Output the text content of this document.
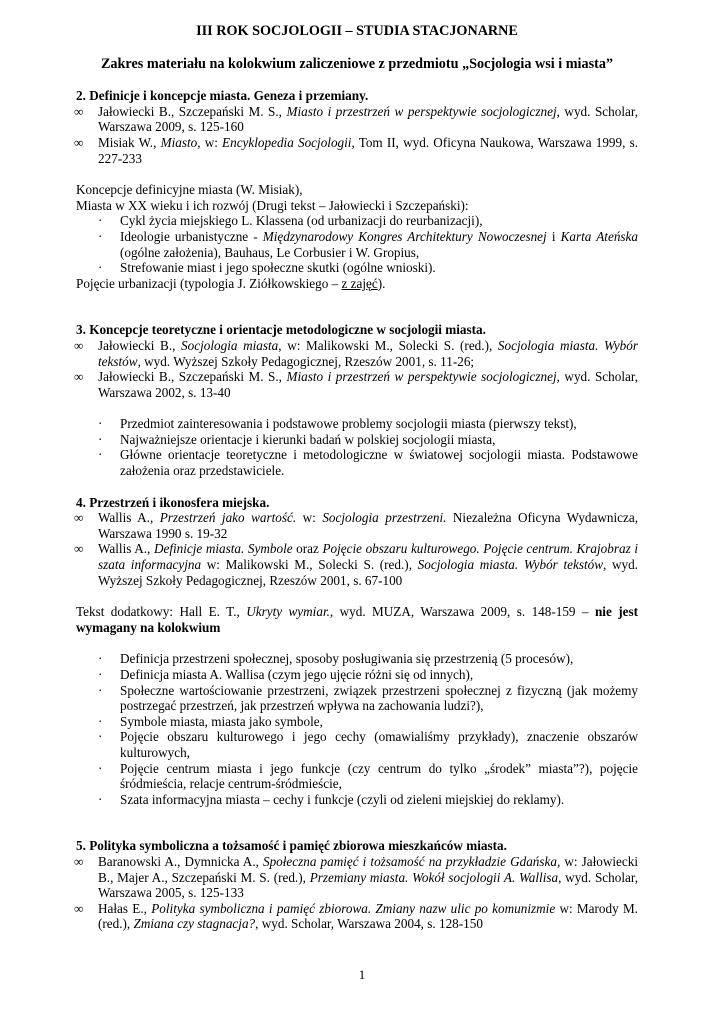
III ROK SOCJOLOGII – STUDIA STACJONARNE
Zakres materiału na kolokwium zaliczeniowe z przedmiotu „Socjologia wsi i miasta”
2. Definicje i koncepcje miasta. Geneza i przemiany.
∞ Jałowiecki B., Szczepański M. S., Miasto i przestrzeń w perspektywie socjologicznej, wyd. Scholar, Warszawa 2009, s. 125-160
∞ Misiak W., Miasto, w: Encyklopedia Socjologii, Tom II, wyd. Oficyna Naukowa, Warszawa 1999, s. 227-233
Koncepcje definicyjne miasta (W. Misiak),
Miasta w XX wieku i ich rozwój (Drugi tekst – Jałowiecki i Szczepański):
· Cykl życia miejskiego L. Klassena (od urbanizacji do reurbanizacji),
· Ideologie urbanistyczne - Międzynarodowy Kongres Architektury Nowoczesnej i Karta Ateńska (ogólne założenia), Bauhaus, Le Corbusier i W. Gropius,
· Strefowanie miast i jego społeczne skutki (ogólne wnioski).
Pojęcie urbanizacji (typologia J. Ziółkowskiego – z zajęć).
3. Koncepcje teoretyczne i orientacje metodologiczne w socjologii miasta.
∞ Jałowiecki B., Socjologia miasta, w: Malikowski M., Solecki S. (red.), Socjologia miasta. Wybór tekstów, wyd. Wyższej Szkoły Pedagogicznej, Rzeszów 2001, s. 11-26;
∞ Jałowiecki B., Szczepański M. S., Miasto i przestrzeń w perspektywie socjologicznej, wyd. Scholar, Warszawa 2002, s. 13-40
· Przedmiot zainteresowania i podstawowe problemy socjologii miasta (pierwszy tekst),
· Najważniejsze orientacje i kierunki badań w polskiej socjologii miasta,
· Główne orientacje teoretyczne i metodologiczne w światowej socjologii miasta. Podstawowe założenia oraz przedstawiciele.
4. Przestrzeń i ikonosfera miejska.
∞ Wallis A., Przestrzeń jako wartość. w: Socjologia przestrzeni. Niezależna Oficyna Wydawnicza, Warszawa 1990 s. 19-32
∞ Wallis A., Definicje miasta. Symbole oraz Pojęcie obszaru kulturowego. Pojęcie centrum. Krajobraz i szata informacyjna w: Malikowski M., Solecki S. (red.), Socjologia miasta. Wybór tekstów, wyd. Wyższej Szkoły Pedagogicznej, Rzeszów 2001, s. 67-100
Tekst dodatkowy: Hall E. T., Ukryty wymiar., wyd. MUZA, Warszawa 2009, s. 148-159 – nie jest wymagany na kolokwium
· Definicja przestrzeni społecznej, sposoby posługiwania się przestrzenią (5 procesów),
· Definicja miasta A. Wallisa (czym jego ujęcie różni się od innych),
· Społeczne wartościowanie przestrzeni, związek przestrzeni społecznej z fizyczną (jak możemy postrzegać przestrzeń, jak przestrzeń wpływa na zachowania ludzi?),
· Symbole miasta, miasta jako symbole,
· Pojęcie obszaru kulturowego i jego cechy (omawialiśmy przykłady), znaczenie obszarów kulturowych,
· Pojęcie centrum miasta i jego funkcje (czy centrum do tylko „środek” miasta”?), pojęcie śródmieścia, relacje centrum-śródmieście,
· Szata informacyjna miasta – cechy i funkcje (czyli od zieleni miejskiej do reklamy).
5. Polityka symboliczna a tożsamość i pamięć zbiorowa mieszkańców miasta.
∞ Baranowski A., Dymnicka A., Społeczna pamięć i tożsamość na przykładzie Gdańska, w: Jałowiecki B., Majer A., Szczepański M. S. (red.), Przemiany miasta. Wokół socjologii A. Wallisa, wyd. Scholar, Warszawa 2005, s. 125-133
∞ Hałas E., Polityka symboliczna i pamięć zbiorowa. Zmiany nazw ulic po komunizmie w: Marody M. (red.), Zmiana czy stagnacja?, wyd. Scholar, Warszawa 2004, s. 128-150
1
